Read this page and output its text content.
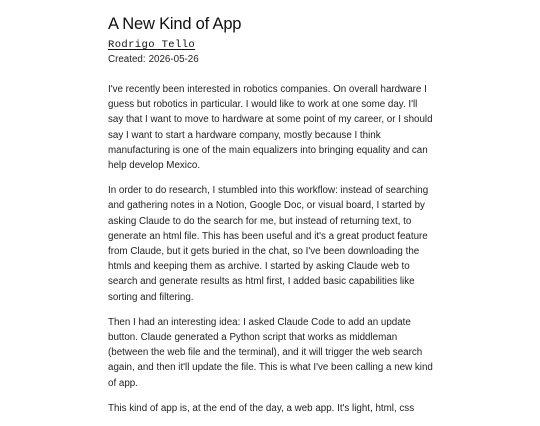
A New Kind of App
Rodrigo Tello
Created: 2026-05-26

I've recently been interested in robotics companies. On overall hardware I guess but robotics in particular. I would like to work at one some day. I'll say that I want to move to hardware at some point of my career, or I should say I want to start a hardware company, mostly because I think manufacturing is one of the main equalizers into bringing equality and can help develop Mexico.

In order to do research, I stumbled into this workflow: instead of searching and gathering notes in a Notion, Google Doc, or visual board, I started by asking Claude to do the search for me, but instead of returning text, to generate an html file. This has been useful and it's a great product feature from Claude, but it gets buried in the chat, so I've been downloading the htmls and keeping them as archive. I started by asking Claude web to search and generate results as html first, I added basic capabilities like sorting and filtering.

Then I had an interesting idea: I asked Claude Code to add an update button. Claude generated a Python script that works as middleman (between the web file and the terminal), and it will trigger the web search again, and then it'll update the file. This is what I've been calling a new kind of app.

This kind of app is, at the end of the day, a web app. It's light, html, css
